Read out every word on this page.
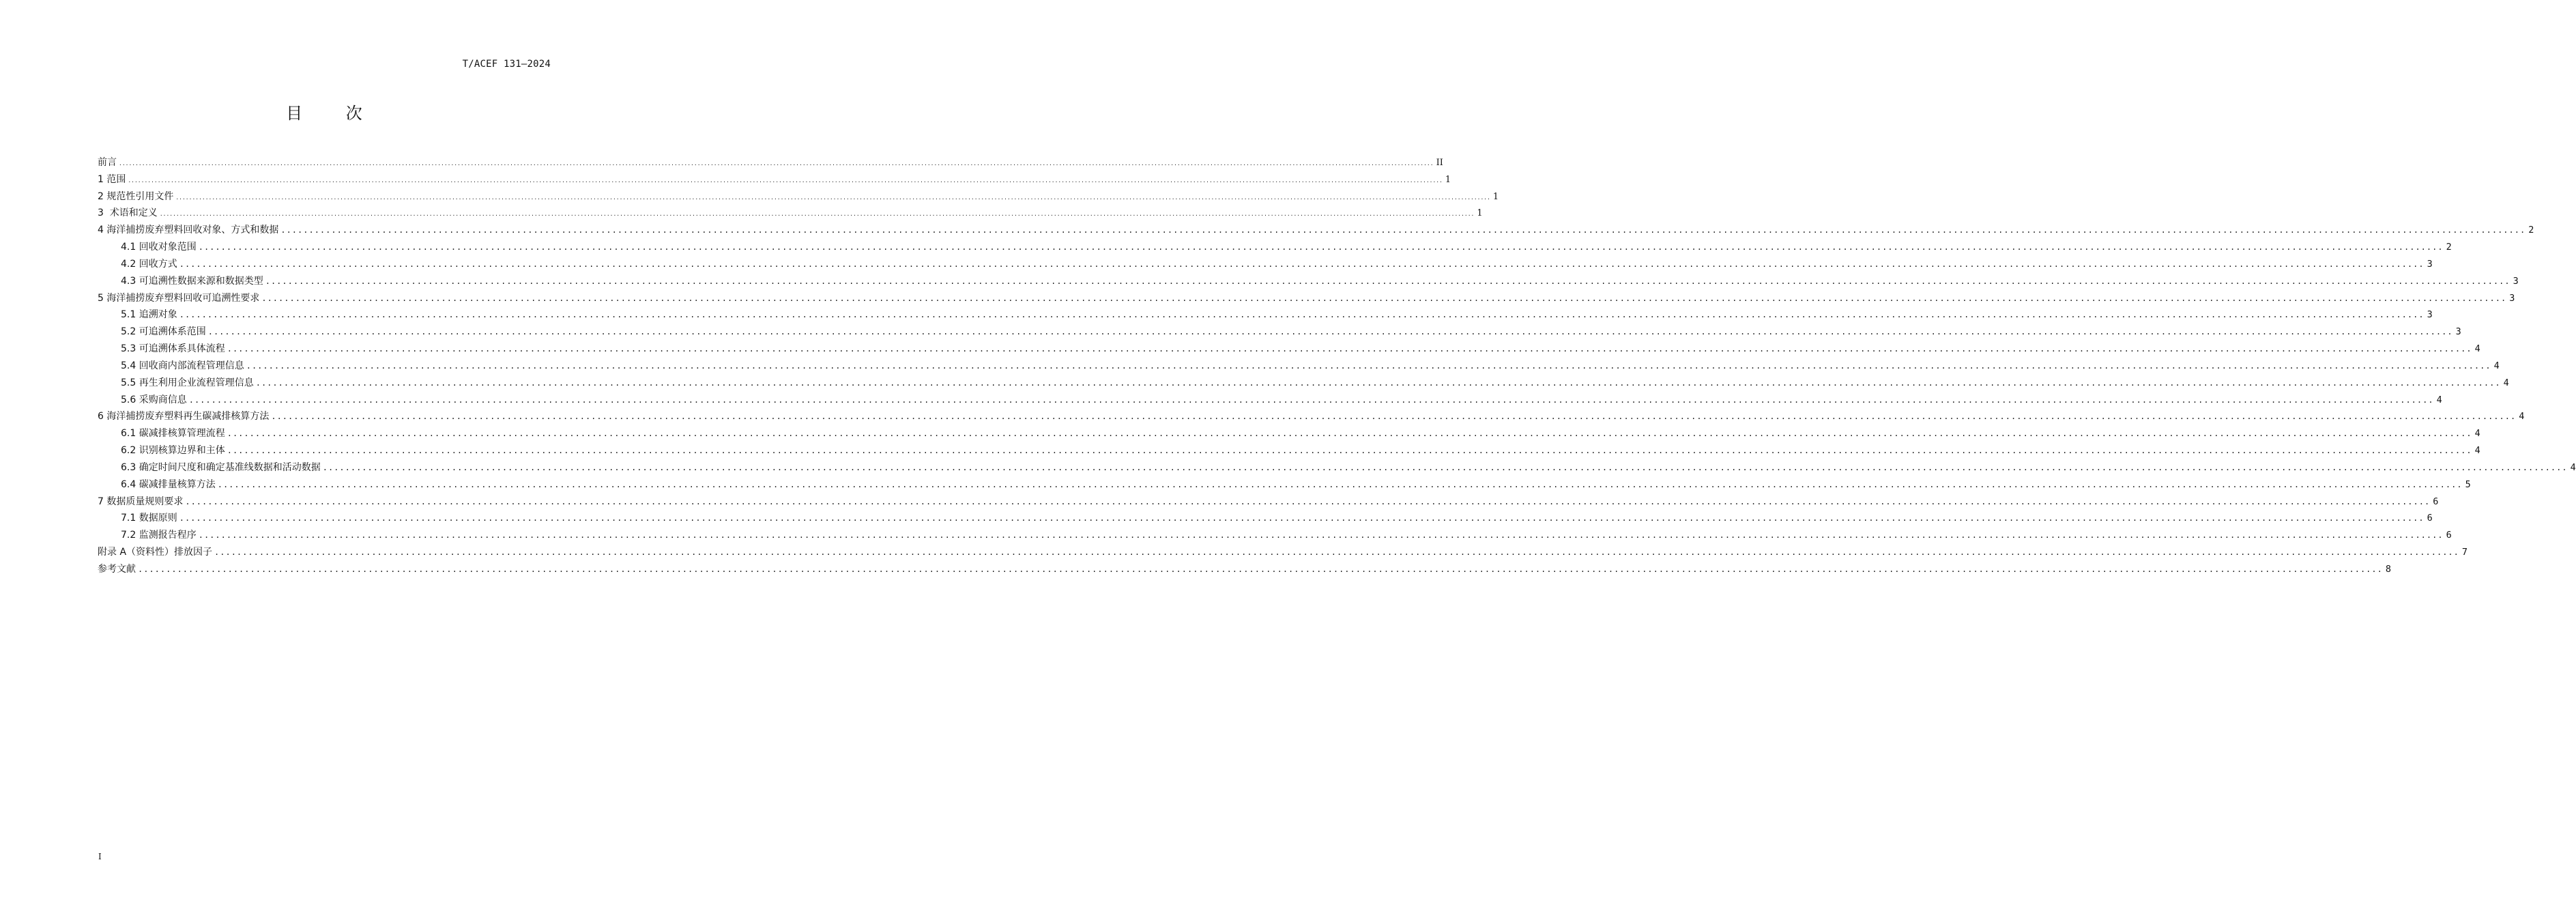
T/ACEF 131—2024
目 次
前言 ................................................................................................................................................................................................................................................................................................................................................................................................................ II
1 范围 ................................................................................................................................................................................................................................................................................................................................................................................................................ 1
2 规范性引用文件 ................................................................................................................................................................................................................................................................................................................................................................................................................ 1
3  术语和定义 ................................................................................................................................................................................................................................................................................................................................................................................................................ 1
4 海洋捕捞废弃塑料回收对象、方式和数据 ................................................................................................................................................................................................................................................................................................................................................................................................................ 2
4.1 回收对象范围 ................................................................................................................................................................................................................................................................................................................................................................................................................ 2
4.2 回收方式 ................................................................................................................................................................................................................................................................................................................................................................................................................ 3
4.3 可追溯性数据来源和数据类型 ................................................................................................................................................................................................................................................................................................................................................................................................................ 3
5 海洋捕捞废弃塑料回收可追溯性要求 ................................................................................................................................................................................................................................................................................................................................................................................................................ 3
5.1 追溯对象 ................................................................................................................................................................................................................................................................................................................................................................................................................ 3
5.2 可追溯体系范围 ................................................................................................................................................................................................................................................................................................................................................................................................................ 3
5.3 可追溯体系具体流程 ................................................................................................................................................................................................................................................................................................................................................................................................................ 4
5.4 回收商内部流程管理信息 ................................................................................................................................................................................................................................................................................................................................................................................................................ 4
5.5 再生利用企业流程管理信息 ................................................................................................................................................................................................................................................................................................................................................................................................................ 4
5.6 采购商信息 ................................................................................................................................................................................................................................................................................................................................................................................................................ 4
6 海洋捕捞废弃塑料再生碳减排核算方法 ................................................................................................................................................................................................................................................................................................................................................................................................................ 4
6.1 碳减排核算管理流程 ................................................................................................................................................................................................................................................................................................................................................................................................................ 4
6.2 识别核算边界和主体 ................................................................................................................................................................................................................................................................................................................................................................................................................ 4
6.3 确定时间尺度和确定基准线数据和活动数据 ................................................................................................................................................................................................................................................................................................................................................................................................................ 4
6.4 碳减排量核算方法 ................................................................................................................................................................................................................................................................................................................................................................................................................ 5
7 数据质量规则要求 ................................................................................................................................................................................................................................................................................................................................................................................................................ 6
7.1 数据原则 ................................................................................................................................................................................................................................................................................................................................................................................................................ 6
7.2 监测报告程序 ................................................................................................................................................................................................................................................................................................................................................................................................................ 6
附录 A（资料性）排放因子 ................................................................................................................................................................................................................................................................................................................................................................................................................ 7
参考文献 ................................................................................................................................................................................................................................................................................................................................................................................................................ 8
I
